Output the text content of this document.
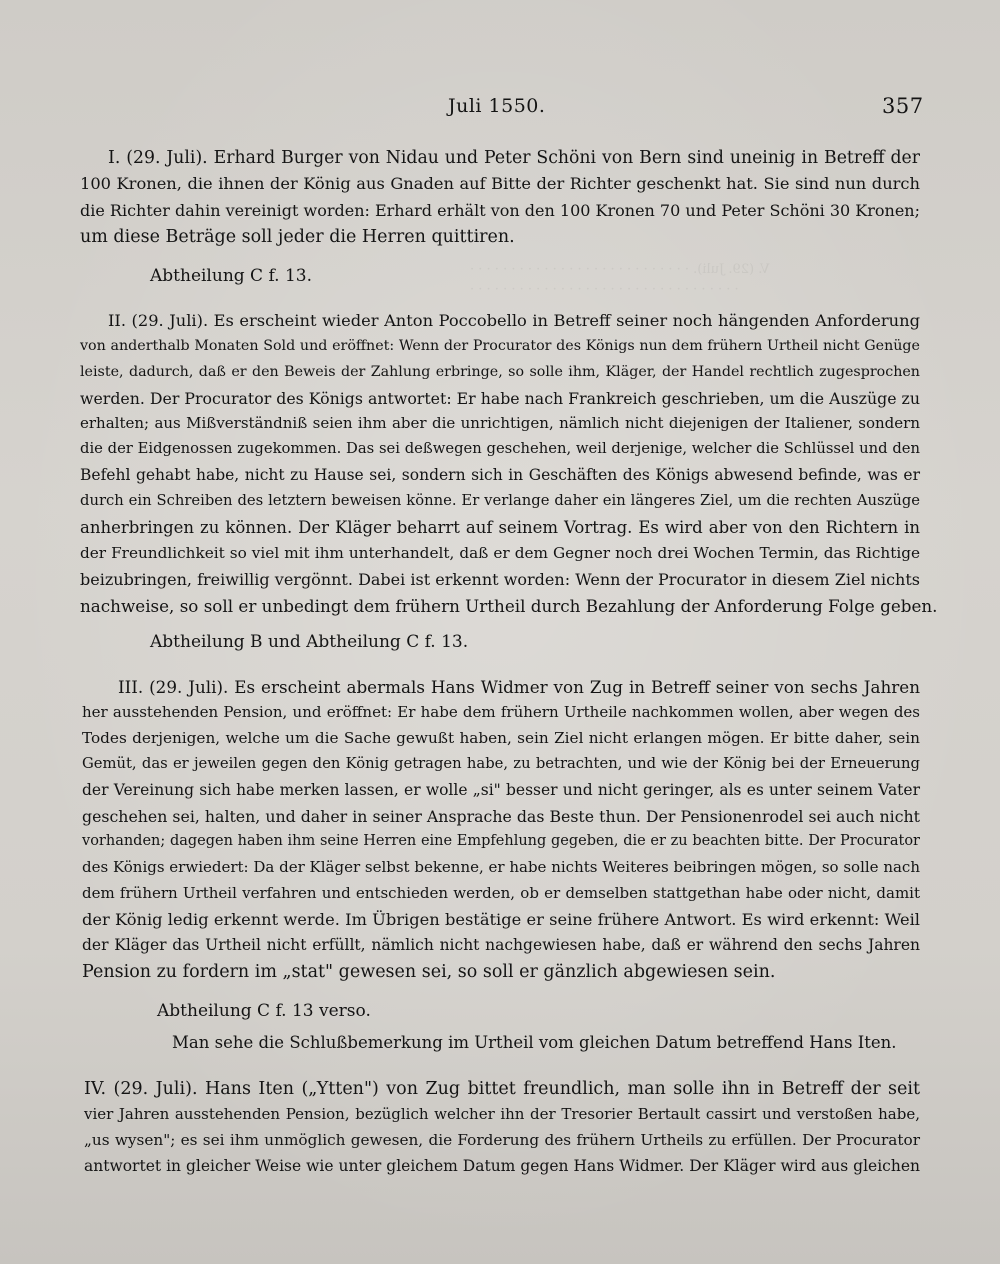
V. (29. Juli). · · · · · · · · · · · · · · · · · · · · · · · · · · ·
· · · · · · · · · · · · · · · · · · · · · · · · · · · · · · · · ·
Juli 1550.	357
I. (29. Juli). Erhard Burger von Nidau und Peter Schöni von Bern sind uneinig in Betreff der
100 Kronen, die ihnen der König aus Gnaden auf Bitte der Richter geschenkt hat. Sie sind nun durch
die Richter dahin vereinigt worden: Erhard erhält von den 100 Kronen 70 und Peter Schöni 30 Kronen;
um diese Beträge soll jeder die Herren quittiren.
Abtheilung C f. 13.
II. (29. Juli). Es erscheint wieder Anton Poccobello in Betreff seiner noch hängenden Anforderung
von anderthalb Monaten Sold und eröffnet: Wenn der Procurator des Königs nun dem frühern Urtheil nicht Genüge
leiste, dadurch, daß er den Beweis der Zahlung erbringe, so solle ihm, Kläger, der Handel rechtlich zugesprochen
werden. Der Procurator des Königs antwortet: Er habe nach Frankreich geschrieben, um die Auszüge zu
erhalten; aus Mißverständniß seien ihm aber die unrichtigen, nämlich nicht diejenigen der Italiener, sondern
die der Eidgenossen zugekommen. Das sei deßwegen geschehen, weil derjenige, welcher die Schlüssel und den
Befehl gehabt habe, nicht zu Hause sei, sondern sich in Geschäften des Königs abwesend befinde, was er
durch ein Schreiben des letztern beweisen könne. Er verlange daher ein längeres Ziel, um die rechten Auszüge
anherbringen zu können. Der Kläger beharrt auf seinem Vortrag. Es wird aber von den Richtern in
der Freundlichkeit so viel mit ihm unterhandelt, daß er dem Gegner noch drei Wochen Termin, das Richtige
beizubringen, freiwillig vergönnt. Dabei ist erkennt worden: Wenn der Procurator in diesem Ziel nichts
nachweise, so soll er unbedingt dem frühern Urtheil durch Bezahlung der Anforderung Folge geben.
Abtheilung B und Abtheilung C f. 13.
III. (29. Juli). Es erscheint abermals Hans Widmer von Zug in Betreff seiner von sechs Jahren
her ausstehenden Pension, und eröffnet: Er habe dem frühern Urtheile nachkommen wollen, aber wegen des
Todes derjenigen, welche um die Sache gewußt haben, sein Ziel nicht erlangen mögen. Er bitte daher, sein
Gemüt, das er jeweilen gegen den König getragen habe, zu betrachten, und wie der König bei der Erneuerung
der Vereinung sich habe merken lassen, er wolle „si" besser und nicht geringer, als es unter seinem Vater
geschehen sei, halten, und daher in seiner Ansprache das Beste thun. Der Pensionenrodel sei auch nicht
vorhanden; dagegen haben ihm seine Herren eine Empfehlung gegeben, die er zu beachten bitte. Der Procurator
des Königs erwiedert: Da der Kläger selbst bekenne, er habe nichts Weiteres beibringen mögen, so solle nach
dem frühern Urtheil verfahren und entschieden werden, ob er demselben stattgethan habe oder nicht, damit
der König ledig erkennt werde. Im Übrigen bestätige er seine frühere Antwort. Es wird erkennt: Weil
der Kläger das Urtheil nicht erfüllt, nämlich nicht nachgewiesen habe, daß er während den sechs Jahren
Pension zu fordern im „stat" gewesen sei, so soll er gänzlich abgewiesen sein.
Abtheilung C f. 13 verso.
Man sehe die Schlußbemerkung im Urtheil vom gleichen Datum betreffend Hans Iten.
IV. (29. Juli). Hans Iten („Ytten") von Zug bittet freundlich, man solle ihn in Betreff der seit
vier Jahren ausstehenden Pension, bezüglich welcher ihn der Tresorier Bertault cassirt und verstoßen habe,
„us wysen"; es sei ihm unmöglich gewesen, die Forderung des frühern Urtheils zu erfüllen. Der Procurator
antwortet in gleicher Weise wie unter gleichem Datum gegen Hans Widmer. Der Kläger wird aus gleichen
